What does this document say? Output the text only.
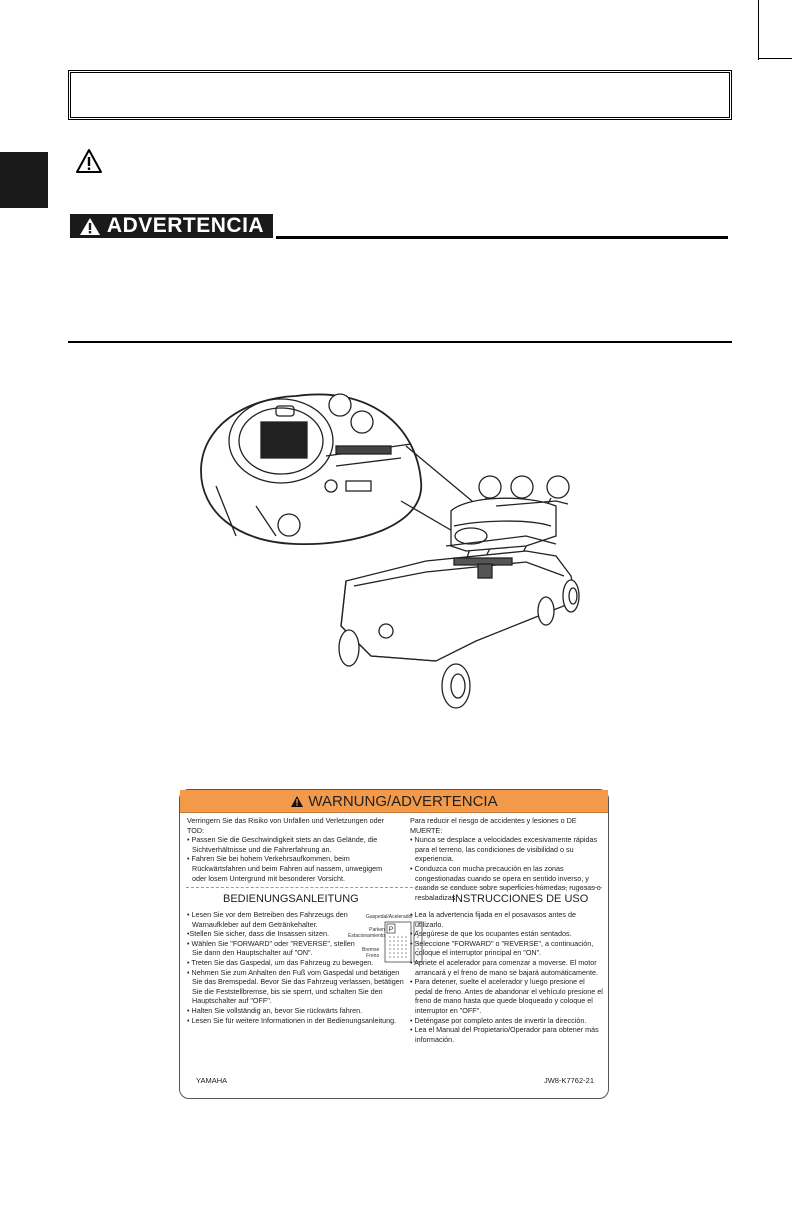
ADVERTENCIA
WARNUNG/ADVERTENCIA

Verringern Sie das Risiko von Unfällen und Verletzungen oder TOD:

• Passen Sie die Geschwindigkeit stets an das Gelände, die Sichtverhältnisse und die Fahrerfahrung an.

• Fahren Sie bei hohem Verkehrsaufkommen, beim Rückwärtsfahren und beim Fahren auf nassem, unwegigem oder losem Untergrund mit besonderer Vorsicht.

Para reducir el riesgo de accidentes y lesiones o DE MUERTE:

• Nunca se desplace a velocidades excesivamente rápidas para el terreno, las condiciones de visibilidad o su experiencia.

• Conduzca con mucha precaución en las zonas congestionadas cuando se opera en sentido inverso, y cuando se conduce sobre superficies húmedas, rugosas o resbaladizas.

BEDIENUNGSANLEITUNG	INSTRUCCIONES DE USO

• Lesen Sie vor dem Betreiben des Fahrzeugs den Warnaufkleber auf dem Getränkehalter.

•Stellen Sie sicher, dass die Insassen sitzen.

• Wählen Sie "FORWARD" oder "REVERSE", stellen Sie dann den Hauptschalter auf "ON".

• Treten Sie das Gaspedal, um das Fahrzeug zu bewegen.

• Nehmen Sie zum Anhalten den Fuß vom Gaspedal und betätigen Sie das Bremspedal. Bevor Sie das Fahrzeug verlassen, betätigen Sie die Feststellbremse, bis sie sperrt, und schalten Sie den Hauptschalter auf "OFF".

• Halten Sie vollständig an, bevor Sie rückwärts fahren.

• Lesen Sie für weitere Informationen in der Bedienungsanleitung.

Gaspedal/Acelerador
Parken
Estacionamiento
Bremse
Freno
P

• Lea la advertencia fijada en el posavasos antes de utilizarlo.

• Asegúrese de que los ocupantes están sentados.

• Seleccione "FORWARD" o "REVERSE", a continuación, coloque el interruptor principal en "ON".

• Apriete el acelerador para comenzar a moverse. El motor arrancará y el freno de mano se bajará automáticamente.

• Para detener, suelte el acelerador y luego presione el pedal de freno. Antes de abandonar el vehículo presione el freno de mano hasta que quede bloqueado y coloque el interruptor en "OFF".

• Deténgase por completo antes de invertir la dirección.

• Lea el Manual del Propietario/Operador para obtener más información.

YAMAHA	JW8-K7762-21
